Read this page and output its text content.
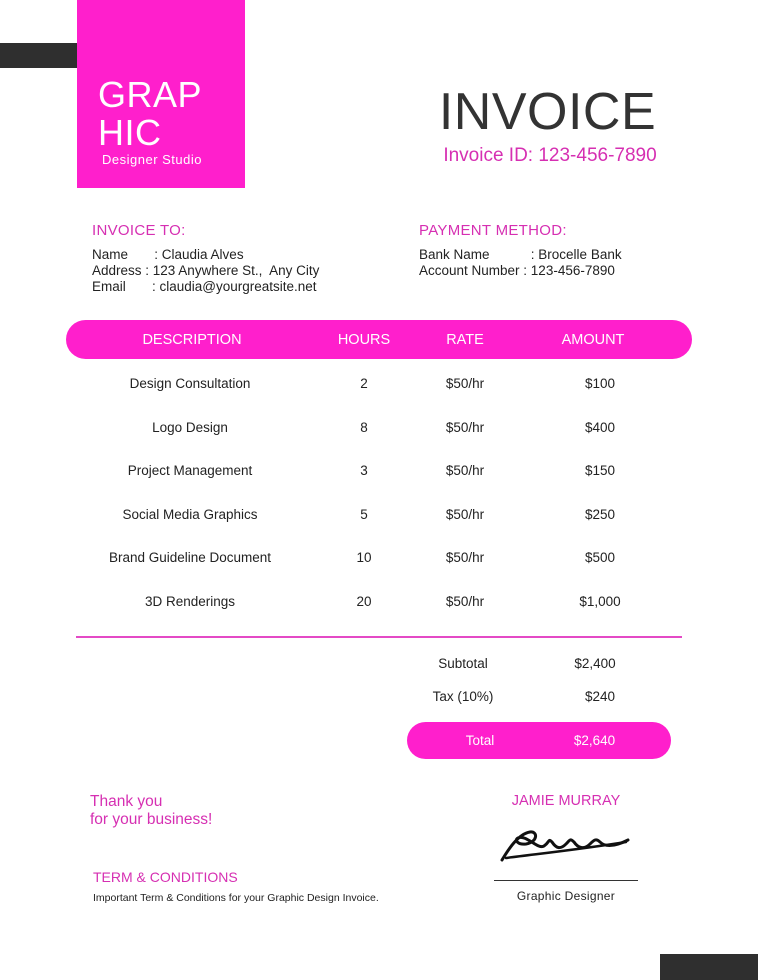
GRAP
HIC
Designer Studio
INVOICE
Invoice ID: 123-456-7890
INVOICE TO:
Name       : Claudia Alves
Address : 123 Anywhere St.,  Any City
Email       : claudia@yourgreatsite.net
PAYMENT METHOD:
Bank Name           : Brocelle Bank
Account Number : 123-456-7890
DESCRIPTION	HOURS	RATE	AMOUNT
Design Consultation	2	$50/hr	$100
Logo Design	8	$50/hr	$400
Project Management	3	$50/hr	$150
Social Media Graphics	5	$50/hr	$250
Brand Guideline Document	10	$50/hr	$500
3D Renderings	20	$50/hr	$1,000
Subtotal	$2,400
Tax (10%)	$240
Total	$2,640
Thank you
for your business!
TERM & CONDITIONS
Important Term & Conditions for your Graphic Design Invoice.
JAMIE MURRAY
Graphic Designer
